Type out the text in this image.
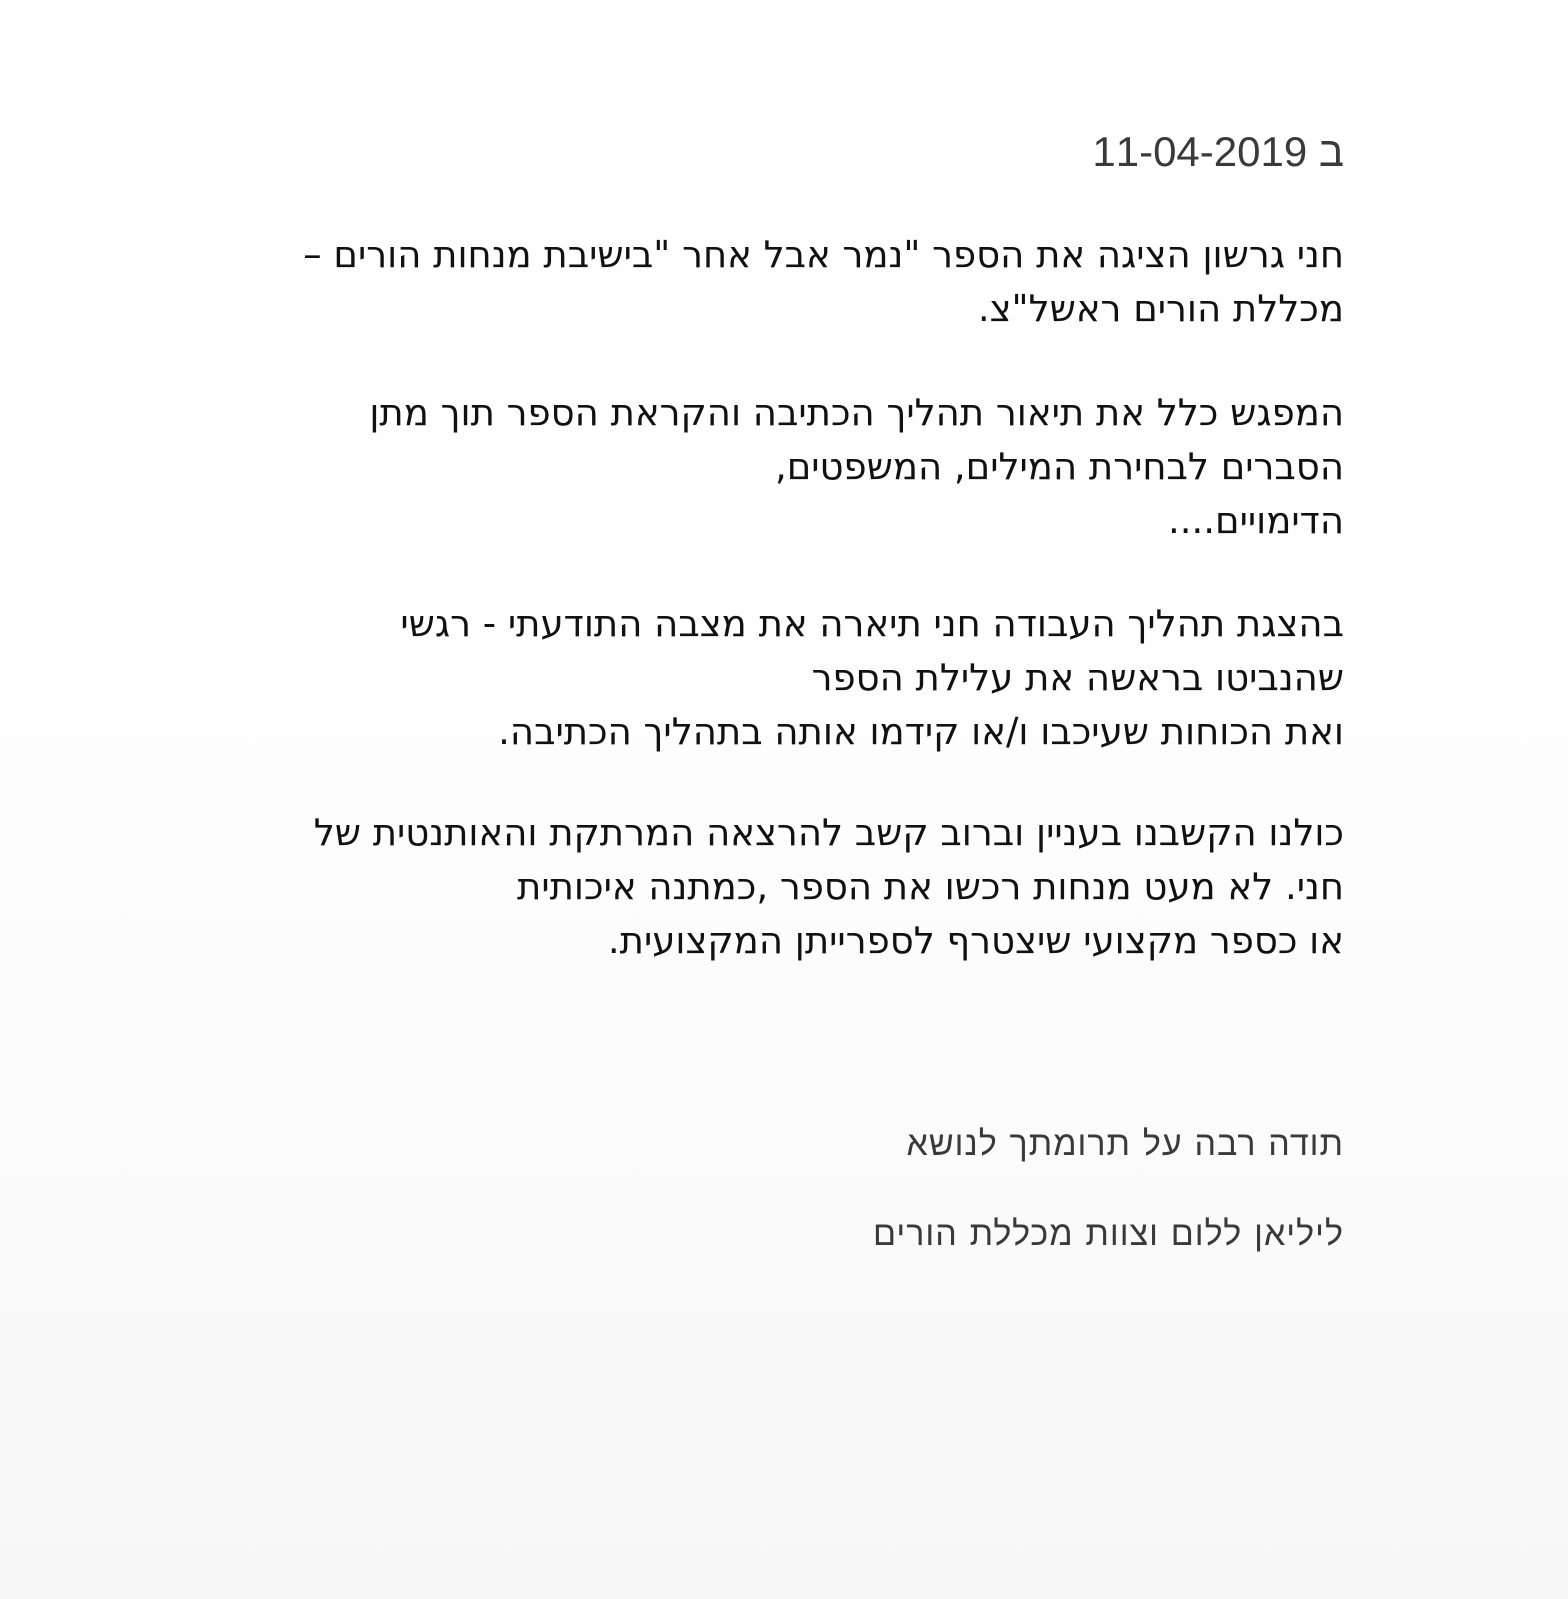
ב 11-04-2019

חני גרשון הציגה את הספר "נמר אבל אחר "בישיבת מנחות הורים –
מכללת הורים ראשל"צ.

המפגש כלל את תיאור תהליך הכתיבה והקראת הספר תוך מתן
הסברים לבחירת המילים, המשפטים,
הדימויים....

בהצגת תהליך העבודה חני תיארה את מצבה התודעתי - רגשי
שהנביטו בראשה את עלילת הספר
ואת הכוחות שעיכבו ו/או קידמו אותה בתהליך הכתיבה.

כולנו הקשבנו בעניין וברוב קשב להרצאה המרתקת והאותנטית של
חני. לא מעט מנחות רכשו את הספר ,כמתנה איכותית
או כספר מקצועי שיצטרף לספרייתן המקצועית.

תודה רבה על תרומתך לנושא

ליליאן ללום וצוות מכללת הורים
